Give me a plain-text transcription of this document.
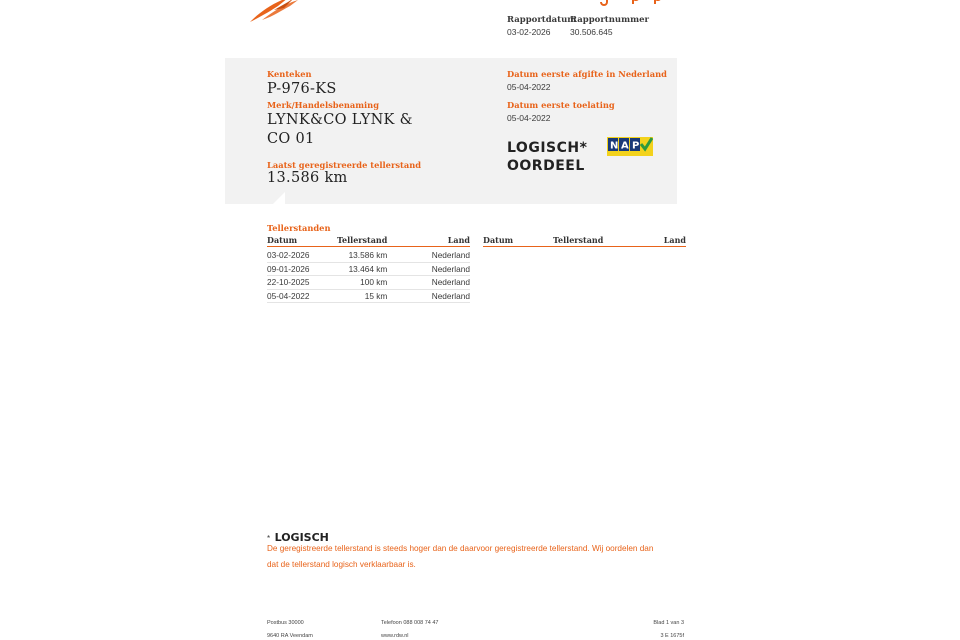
Rapportdatum
03-02-2026
Rapportnummer
30.506.645
Kenteken
P-976-KS
Merk/Handelsbenaming
LYNK&CO LYNK &
CO 01
Laatst geregistreerde tellerstand
13.586 km
Datum eerste afgifte in Nederland
05-04-2022
Datum eerste toelating
05-04-2022
LOGISCH*
OORDEEL
N A P
Tellerstanden
Datum	Tellerstand	Land

03-02-2026	13.586 km	Nederland
09-01-2026	13.464 km	Nederland
22-10-2025	100 km	Nederland
05-04-2022	15 km	Nederland
Datum	Tellerstand	Land
* LOGISCH
De geregistreerde tellerstand is steeds hoger dan de daarvoor geregistreerde tellerstand. Wij oordelen dan dat de tellerstand logisch verklaarbaar is.
Postbus 30000
9640 RA Veendam
Telefoon 088 008 74 47
www.rdw.nl
Blad 1 van 3
3 E 1675f
